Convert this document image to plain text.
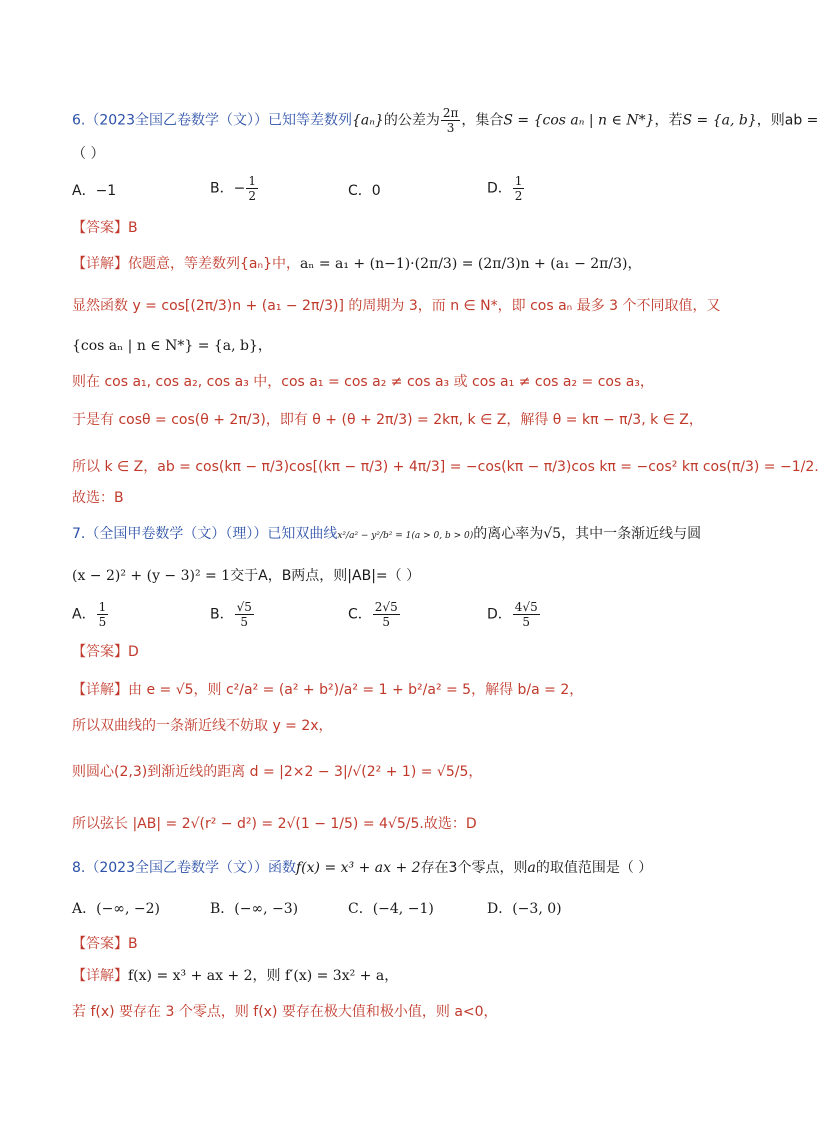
6.（2023全国乙卷数学（文））已知等差数列{aₙ}的公差为 $\frac{2\pi}{3}$ ，集合S = {cos aₙ | n ∈ N*}，若S = {a, b}，则ab =
（ ）
A．−1	B．− $\frac{1}{2}$	C．0	D． $\frac{1}{2}$
【答案】B
【详解】依题意，等差数列{aₙ}中，aₙ = a₁ + (n−1)·(2π/3) = (2π/3)n + (a₁ − 2π/3)，
显然函数 y = cos[(2π/3)n + (a₁ − 2π/3)] 的周期为 3，而 n ∈ N*，即 cos aₙ 最多 3 个不同取值，又
{cos aₙ | n ∈ N*} = {a, b}，
则在 cos a₁, cos a₂, cos a₃ 中，cos a₁ = cos a₂ ≠ cos a₃ 或 cos a₁ ≠ cos a₂ = cos a₃，
于是有 cosθ = cos(θ + 2π/3)，即有 θ + (θ + 2π/3) = 2kπ, k ∈ Z，解得 θ = kπ − π/3, k ∈ Z，
所以 k ∈ Z，ab = cos(kπ − π/3)cos[(kπ − π/3) + 4π/3] = −cos(kπ − π/3)cos kπ = −cos² kπ cos(π/3) = −1/2.
故选：B
7.（全国甲卷数学（文）（理））已知双曲线x²/a² − y²/b² = 1(a > 0, b > 0)的离心率为√5，其中一条渐近线与圆
(x − 2)² + (y − 3)² = 1交于A，B两点，则|AB|=（ ）
A． $\frac{1}{5}$	B． $\frac{√5}{5}$	C． $\frac{2√5}{5}$	D． $\frac{4√5}{5}$
【答案】D
【详解】由 e = √5，则 c²/a² = (a² + b²)/a² = 1 + b²/a² = 5，解得 b/a = 2，
所以双曲线的一条渐近线不妨取 y = 2x，
则圆心(2,3)到渐近线的距离 d = |2×2 − 3|/√(2² + 1) = √5/5，
所以弦长 |AB| = 2√(r² − d²) = 2√(1 − 1/5) = 4√5/5.故选：D
8.（2023全国乙卷数学（文））函数f(x) = x³ + ax + 2存在3个零点，则a的取值范围是（ ）
A．(−∞, −2)	B．(−∞, −3)	C．(−4, −1)	D．(−3, 0)
【答案】B
【详解】f(x) = x³ + ax + 2，则 f′(x) = 3x² + a，
若 f(x) 要存在 3 个零点，则 f(x) 要存在极大值和极小值，则 a<0，
